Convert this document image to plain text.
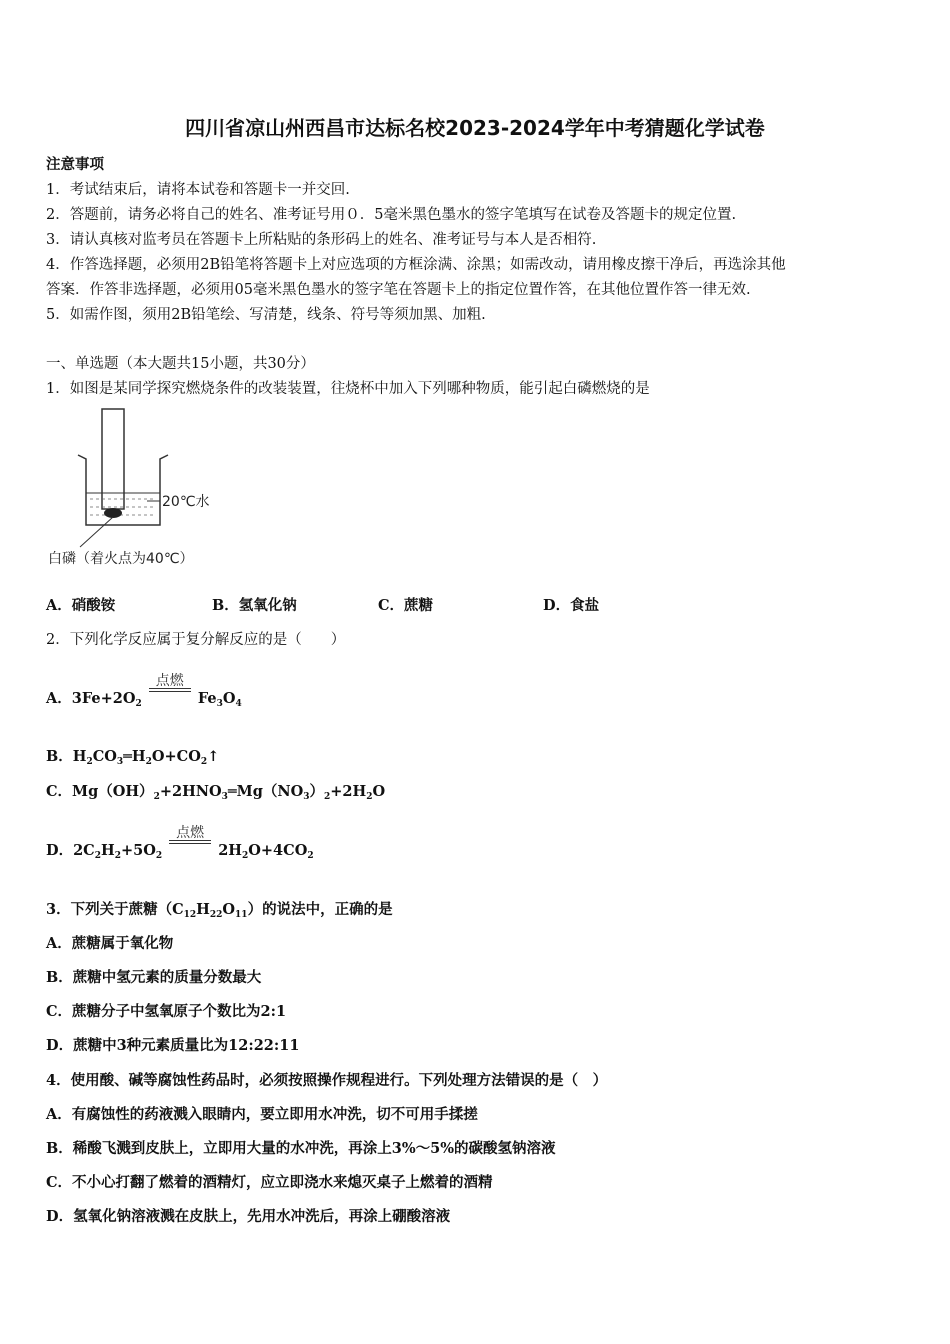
四川省凉山州西昌市达标名校2023-2024学年中考猜题化学试卷
注意事项
1．考试结束后，请将本试卷和答题卡一并交回.
2．答题前，请务必将自己的姓名、准考证号用０．5毫米黑色墨水的签字笔填写在试卷及答题卡的规定位置.
3．请认真核对监考员在答题卡上所粘贴的条形码上的姓名、准考证号与本人是否相符.
4．作答选择题，必须用2B铅笔将答题卡上对应选项的方框涂满、涂黑；如需改动，请用橡皮擦干净后，再选涂其他
答案．作答非选择题，必须用05毫米黑色墨水的签字笔在答题卡上的指定位置作答，在其他位置作答一律无效.
5．如需作图，须用2B铅笔绘、写清楚，线条、符号等须加黑、加粗.
一、单选题（本大题共15小题，共30分）
1．如图是某同学探究燃烧条件的改装装置，往烧杯中加入下列哪种物质，能引起白磷燃烧的是
20℃水
白磷（着火点为40℃）
A．硝酸铵	B．氢氧化钠	C．蔗糖	D．食盐
2．下列化学反应属于复分解反应的是（　　）
A．$3Fe+2O_2$
点燃
$Fe_3O_4$
B．$H_2CO_3═H_2O+CO_2↑$
C．$Mg(OH)_2+2HNO_3═Mg(NO_3)_2+2H_2O$
D．$2C_2H_2+5O_2$
点燃
$2H_2O+4CO_2$
3．下列关于蔗糖$(C_{12}H_{22}O_{11})$的说法中，正确的是
A．蔗糖属于氧化物
B．蔗糖中氢元素的质量分数最大
C．蔗糖分子中氢氧原子个数比为2:1
D．蔗糖中3种元素质量比为12:22:11
4．使用酸、碱等腐蚀性药品时，必须按照操作规程进行。下列处理方法错误的是（　）
A．有腐蚀性的药液溅入眼睛内，要立即用水冲洗，切不可用手揉搓
B．稀酸飞溅到皮肤上，立即用大量的水冲洗，再涂上3%～5%的碳酸氢钠溶液
C．不小心打翻了燃着的酒精灯，应立即浇水来熄灭桌子上燃着的酒精
D．氢氧化钠溶液溅在皮肤上，先用水冲洗后，再涂上硼酸溶液
